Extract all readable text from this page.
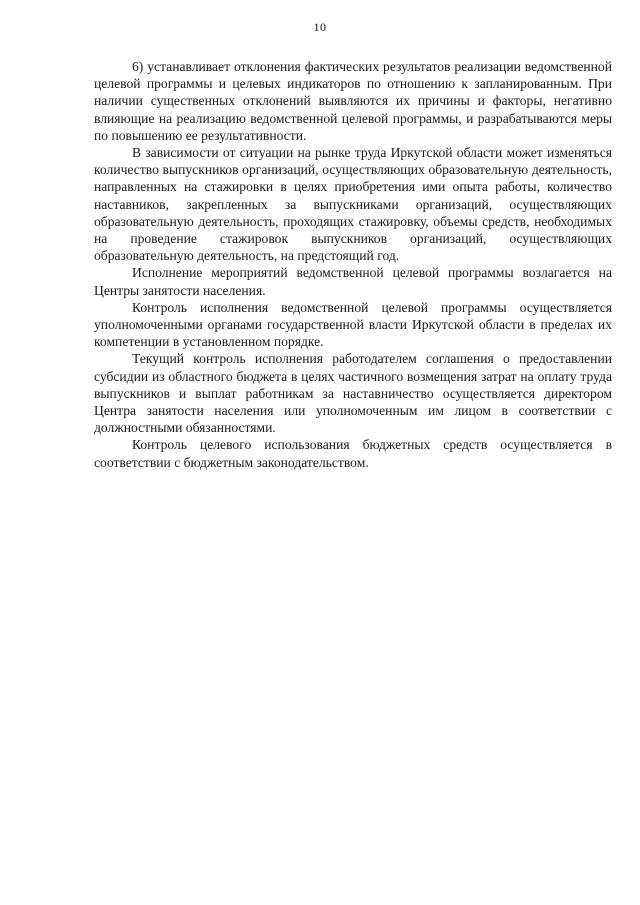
10

6) устанавливает отклонения фактических результатов реализации ведомственной целевой программы и целевых индикаторов по отношению к запланированным. При наличии существенных отклонений выявляются их причины и факторы, негативно влияющие на реализацию ведомственной целевой программы, и разрабатываются меры по повышению ее результативности.

В зависимости от ситуации на рынке труда Иркутской области может изменяться количество выпускников организаций, осуществляющих образовательную деятельность, направленных на стажировки в целях приобретения ими опыта работы, количество наставников, закрепленных за выпускниками организаций, осуществляющих образовательную деятельность, проходящих стажировку, объемы средств, необходимых на проведение стажировок выпускников организаций, осуществляющих образовательную деятельность, на предстоящий год.

Исполнение мероприятий ведомственной целевой программы возлагается на Центры занятости населения.

Контроль исполнения ведомственной целевой программы осуществляется уполномоченными органами государственной власти Иркутской области в пределах их компетенции в установленном порядке.

Текущий контроль исполнения работодателем соглашения о предоставлении субсидии из областного бюджета в целях частичного возмещения затрат на оплату труда выпускников и выплат работникам за наставничество осуществляется директором Центра занятости населения или уполномоченным им лицом в соответствии с должностными обязанностями.

Контроль целевого использования бюджетных средств осуществляется в соответствии с бюджетным законодательством.
